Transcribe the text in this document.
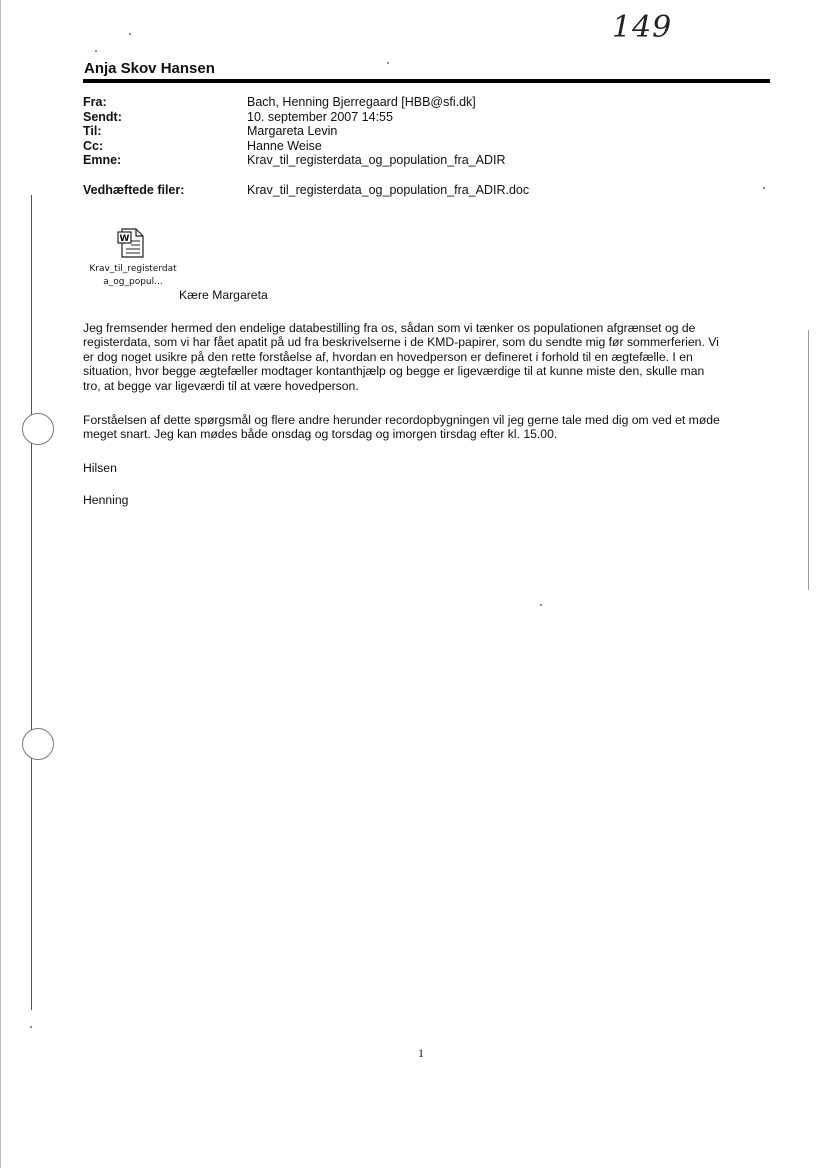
149
Anja Skov Hansen
Fra:	Bach, Henning Bjerregaard [HBB@sfi.dk]
Sendt:	10. september 2007 14:55
Til:	Margareta Levin
Cc:	Hanne Weise
Emne:	Krav_til_registerdata_og_population_fra_ADIR
Vedhæftede filer:	Krav_til_registerdata_og_population_fra_ADIR.doc
W
Krav_til_registerdat
a_og_popul...
Kære Margareta
Jeg fremsender hermed den endelige databestilling fra os, sådan som vi tænker os populationen afgrænset og de
registerdata, som vi har fået apatit på ud fra beskrivelserne i de KMD-papirer, som du sendte mig før sommerferien. Vi
er dog noget usikre på den rette forståelse af, hvordan en hovedperson er defineret i forhold til en ægtefælle. I en
situation, hvor begge ægtefæller modtager kontanthjælp og begge er ligeværdige til at kunne miste den, skulle man
tro, at begge var ligeværdi til at være hovedperson.
Forståelsen af dette spørgsmål og flere andre herunder recordopbygningen vil jeg gerne tale med dig om ved et møde
meget snart. Jeg kan mødes både onsdag og torsdag og imorgen tirsdag efter kl. 15.00.
Hilsen
Henning
1
